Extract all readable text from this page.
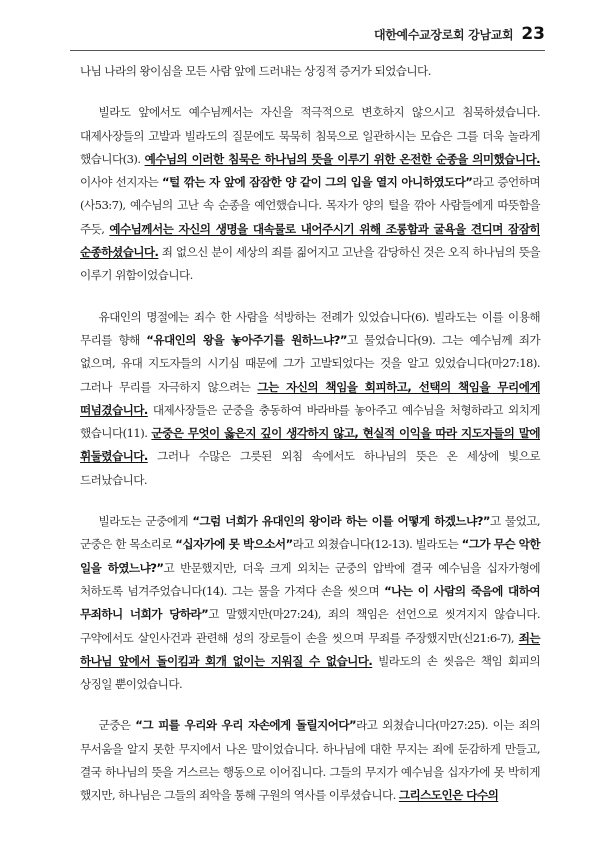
대한예수교장로회 강남교회 23

나님 나라의 왕이심을 모든 사람 앞에 드러내는 상징적 증거가 되었습니다.

빌라도 앞에서도 예수님께서는 자신을 적극적으로 변호하지 않으시고 침묵하셨습니다. 대제사장들의 고발과 빌라도의 질문에도 묵묵히 침묵으로 일관하시는 모습은 그를 더욱 놀라게 했습니다(3). 예수님의 이러한 침묵은 하나님의 뜻을 이루기 위한 온전한 순종을 의미했습니다. 이사야 선지자는 “털 깎는 자 앞에 잠잠한 양 같이 그의 입을 열지 아니하였도다”라고 증언하며(사53:7), 예수님의 고난 속 순종을 예언했습니다. 목자가 양의 털을 깎아 사람들에게 따뜻함을 주듯, 예수님께서는 자신의 생명을 대속물로 내어주시기 위해 조롱함과 굴욕을 견디며 잠잠히 순종하셨습니다. 죄 없으신 분이 세상의 죄를 짊어지고 고난을 감당하신 것은 오직 하나님의 뜻을 이루기 위함이었습니다.

유대인의 명절에는 죄수 한 사람을 석방하는 전례가 있었습니다(6). 빌라도는 이를 이용해 무리를 향해 “유대인의 왕을 놓아주기를 원하느냐?”고 물었습니다(9). 그는 예수님께 죄가 없으며, 유대 지도자들의 시기심 때문에 그가 고발되었다는 것을 알고 있었습니다(마27:18). 그러나 무리를 자극하지 않으려는 그는 자신의 책임을 회피하고, 선택의 책임을 무리에게 떠넘겼습니다. 대제사장들은 군중을 충동하여 바라바를 놓아주고 예수님을 처형하라고 외치게 했습니다(11). 군중은 무엇이 옳은지 깊이 생각하지 않고, 현실적 이익을 따라 지도자들의 말에 휘둘렸습니다. 그러나 수많은 그릇된 외침 속에서도 하나님의 뜻은 온 세상에 빛으로 드러났습니다.

빌라도는 군중에게 “그럼 너희가 유대인의 왕이라 하는 이를 어떻게 하겠느냐?”고 물었고, 군중은 한 목소리로 “십자가에 못 박으소서”라고 외쳤습니다(12-13). 빌라도는 “그가 무슨 악한 일을 하였느냐?”고 반문했지만, 더욱 크게 외치는 군중의 압박에 결국 예수님을 십자가형에 처하도록 넘겨주었습니다(14). 그는 물을 가져다 손을 씻으며 “나는 이 사람의 죽음에 대하여 무죄하니 너희가 당하라”고 말했지만(마27:24), 죄의 책임은 선언으로 씻겨지지 않습니다. 구약에서도 살인사건과 관련해 성의 장로들이 손을 씻으며 무죄를 주장했지만(신21:6-7), 죄는 하나님 앞에서 돌이킴과 회개 없이는 지워질 수 없습니다. 빌라도의 손 씻음은 책임 회피의 상징일 뿐이었습니다.

군중은 “그 피를 우리와 우리 자손에게 돌릴지어다”라고 외쳤습니다(마27:25). 이는 죄의 무서움을 알지 못한 무지에서 나온 말이었습니다. 하나님에 대한 무지는 죄에 둔감하게 만들고, 결국 하나님의 뜻을 거스르는 행동으로 이어집니다. 그들의 무지가 예수님을 십자가에 못 박히게 했지만, 하나님은 그들의 죄악을 통해 구원의 역사를 이루셨습니다. 그리스도인은 다수의
